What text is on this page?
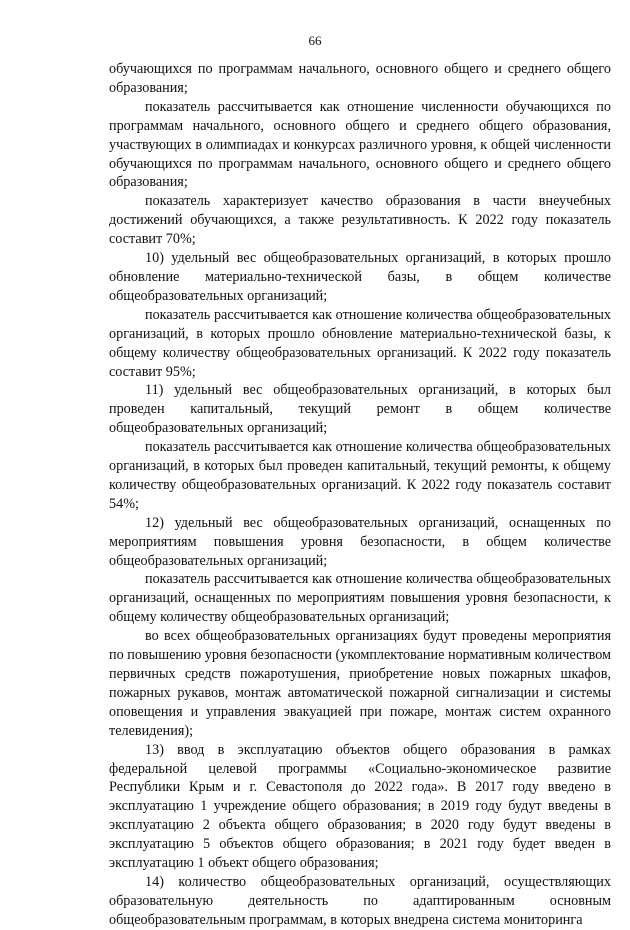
66

обучающихся по программам начального, основного общего и среднего общего образования;

показатель рассчитывается как отношение численности обучающихся по программам начального, основного общего и среднего общего образования, участвующих в олимпиадах и конкурсах различного уровня, к общей численности обучающихся по программам начального, основного общего и среднего общего образования;

показатель характеризует качество образования в части внеучебных достижений обучающихся, а также результативность. К 2022 году показатель составит 70%;

10) удельный вес общеобразовательных организаций, в которых прошло обновление материально-технической базы, в общем количестве общеобразовательных организаций;

показатель рассчитывается как отношение количества общеобразовательных организаций, в которых прошло обновление материально-технической базы, к общему количеству общеобразовательных организаций. К 2022 году показатель составит 95%;

11) удельный вес общеобразовательных организаций, в которых был проведен капитальный, текущий ремонт в общем количестве общеобразовательных организаций;

показатель рассчитывается как отношение количества общеобразовательных организаций, в которых был проведен капитальный, текущий ремонты, к общему количеству общеобразовательных организаций. К 2022 году показатель составит 54%;

12) удельный вес общеобразовательных организаций, оснащенных по мероприятиям повышения уровня безопасности, в общем количестве общеобразовательных организаций;

показатель рассчитывается как отношение количества общеобразовательных организаций, оснащенных по мероприятиям повышения уровня безопасности, к общему количеству общеобразовательных организаций;

во всех общеобразовательных организациях будут проведены мероприятия по повышению уровня безопасности (укомплектование нормативным количеством первичных средств пожаротушения, приобретение новых пожарных шкафов, пожарных рукавов, монтаж автоматической пожарной сигнализации и системы оповещения и управления эвакуацией при пожаре, монтаж систем охранного телевидения);

13) ввод в эксплуатацию объектов общего образования в рамках федеральной целевой программы «Социально-экономическое развитие Республики Крым и г. Севастополя до 2022 года». В 2017 году введено в эксплуатацию 1 учреждение общего образования; в 2019 году будут введены в эксплуатацию 2 объекта общего образования; в 2020 году будут введены в эксплуатацию 5 объектов общего образования; в 2021 году будет введен в эксплуатацию 1 объект общего образования;

14) количество общеобразовательных организаций, осуществляющих образовательную деятельность по адаптированным основным общеобразовательным программам, в которых внедрена система мониторинга
